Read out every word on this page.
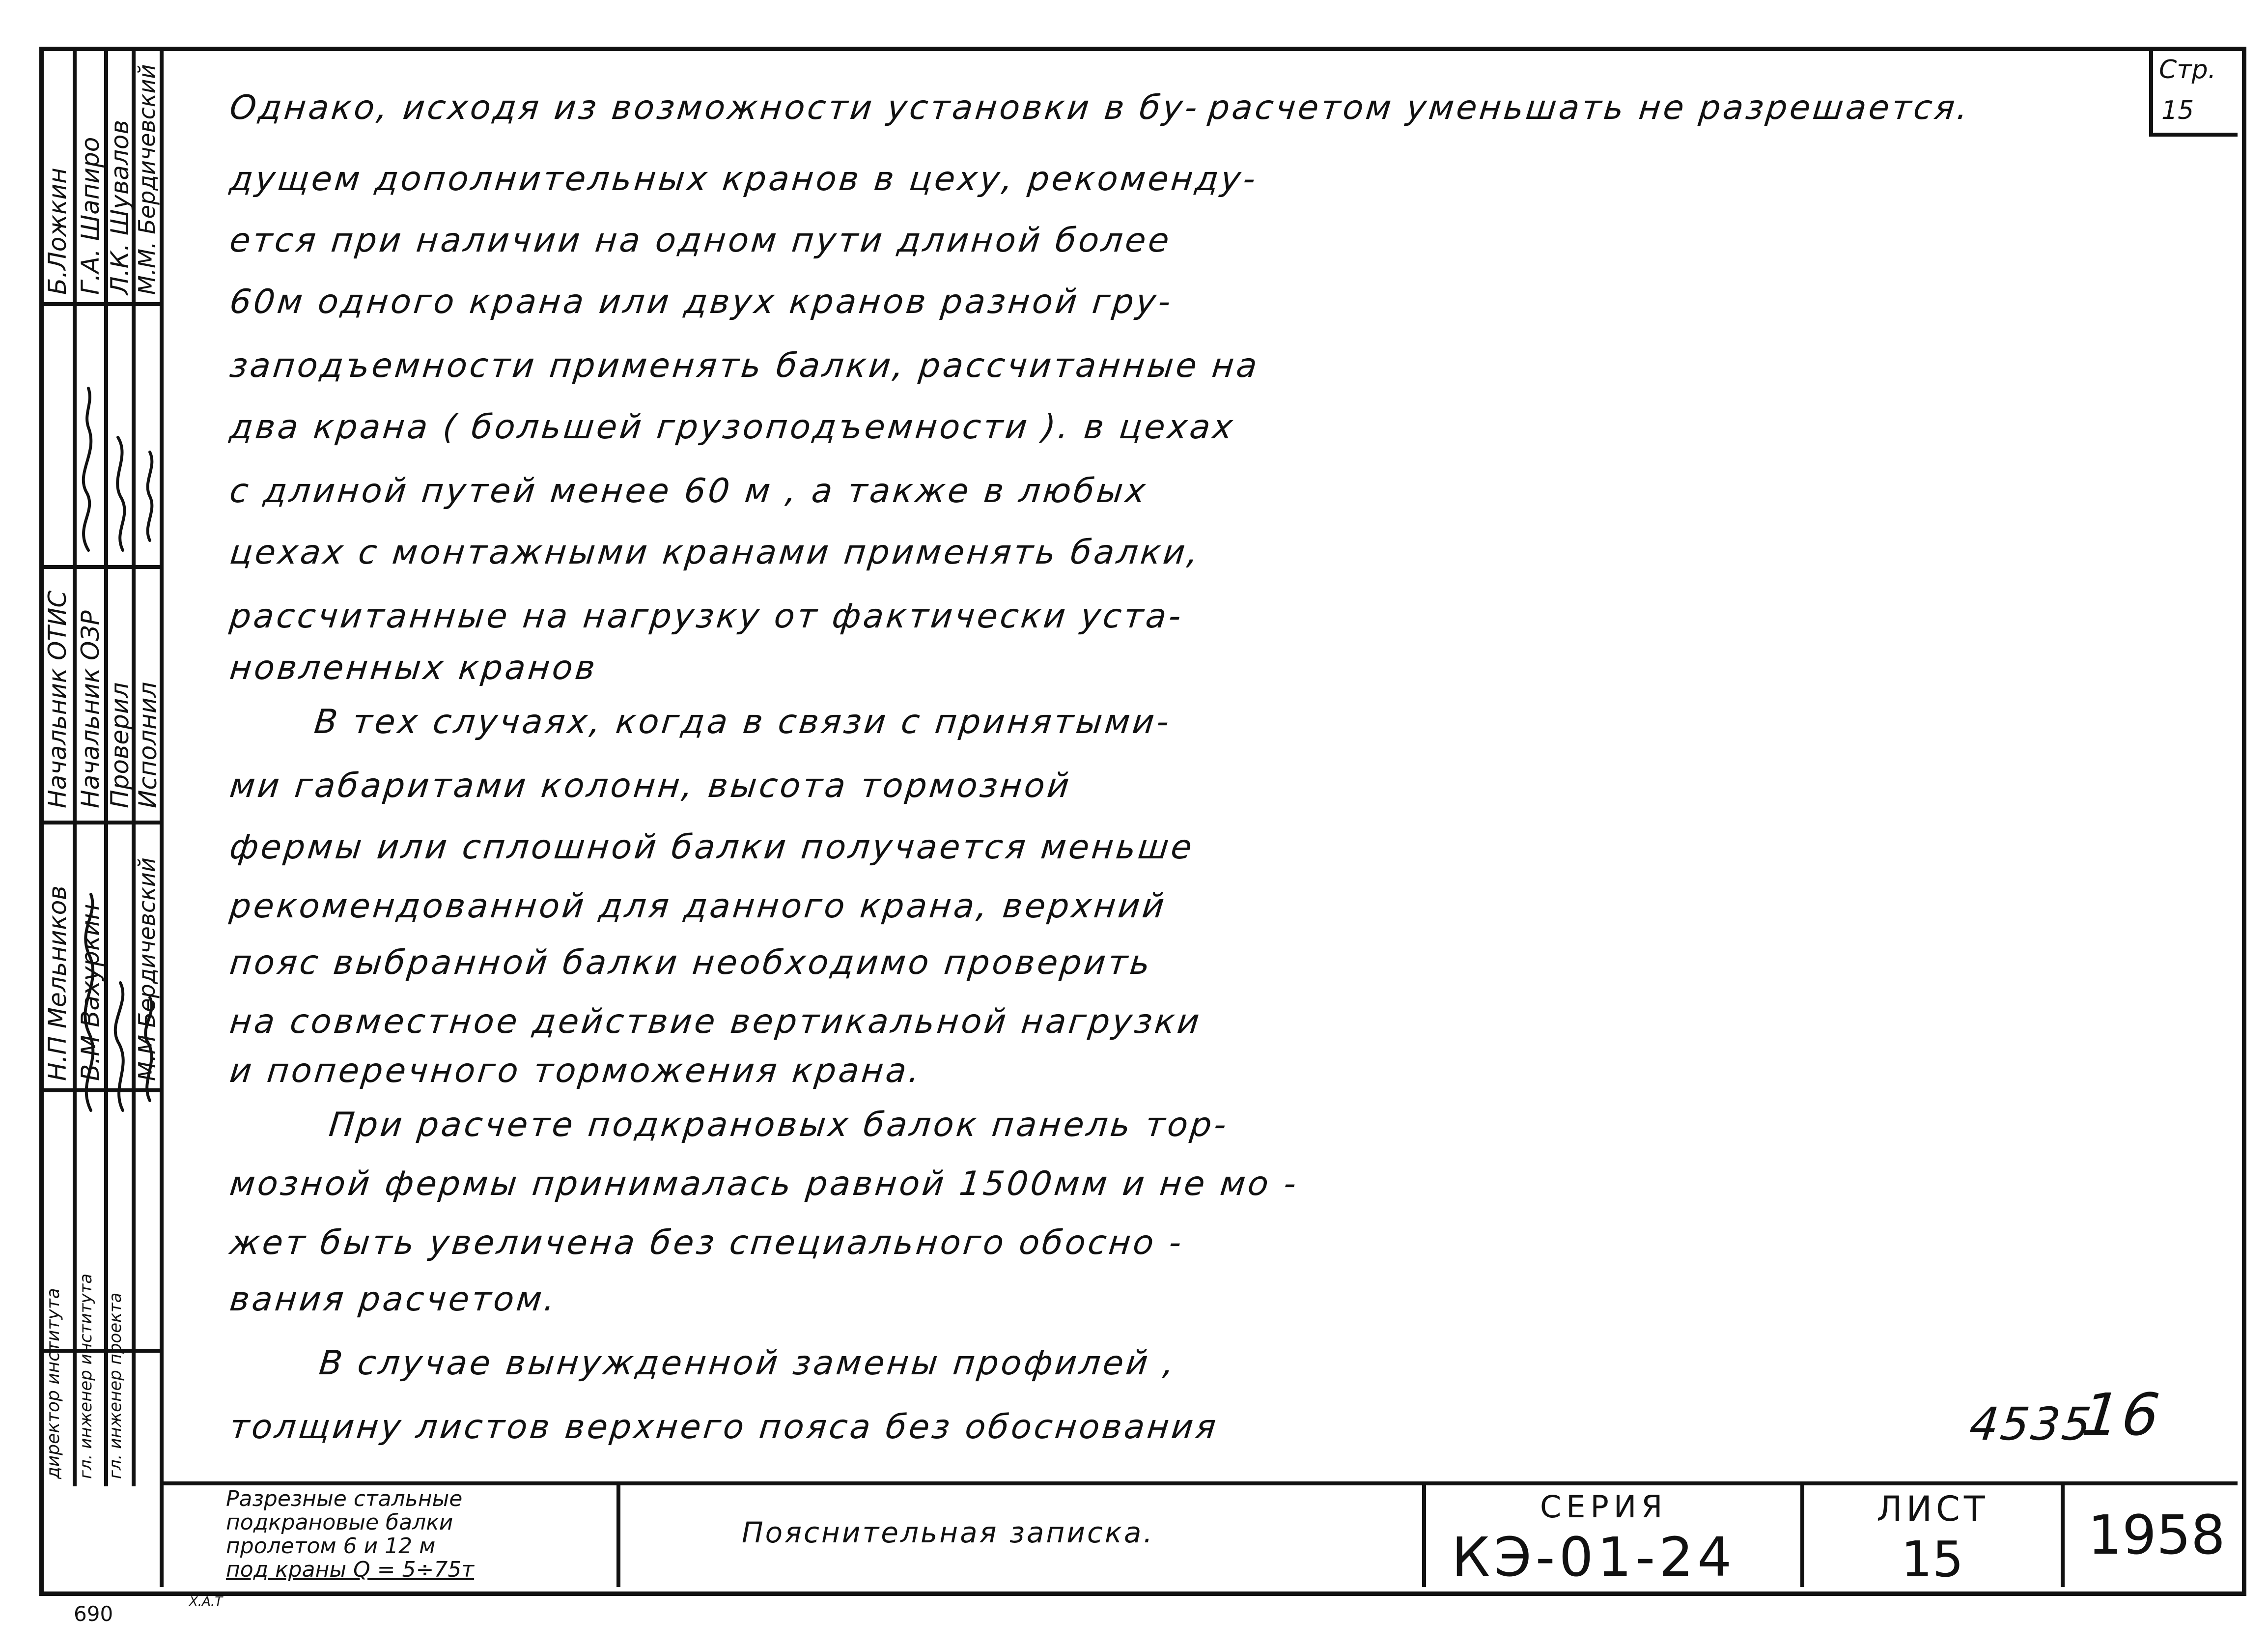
Стр.
15
Б.Ложкин
Начальник ОТИС
Н.П Мельников
директор института
Г.А. Шапиро
Начальник ОЗР
В.М Вахуркин
гл. инженер института
Л.К. Шувалов
Проверил
гл. инженер проекта
М.М. Бердичевский
Исполнил
М.М Бердичевский
Однако, исходя из возможности установки в бу-
дущем дополнительных кранов в цеху, рекоменду-
ется при наличии на одном пути длиной более
60м одного крана или двух кранов разной гру-
заподъемности применять балки, рассчитанные на
два крана ( большей грузоподъемности ). в цехах
с длиной путей менее 60 м , а также в любых
цехах с монтажными кранами применять балки,
рассчитанные на нагрузку от фактически уста-
новленных кранов
В тех случаях, когда в связи с принятыми-
ми габаритами колонн, высота тормозной
фермы или сплошной балки получается меньше
рекомендованной для данного крана, верхний
пояс выбранной балки необходимо проверить
на совместное действие вертикальной нагрузки
и поперечного торможения крана.
При расчете подкрановых балок панель тор-
мозной фермы принималась равной 1500мм и не мо -
жет быть увеличена без специального обосно -
вания расчетом.
В случае вынужденной замены профилей ,
толщину листов верхнего пояса без обоснования
расчетом уменьшать не разрешается.
4535
16
Разрезные стальные
подкрановые балки
пролетом 6 и 12 м
под краны Q = 5÷75т
Пояснительная записка.
СЕРИЯ
КЭ-01-24
ЛИСТ
15 1958
690	Х.А.Т
